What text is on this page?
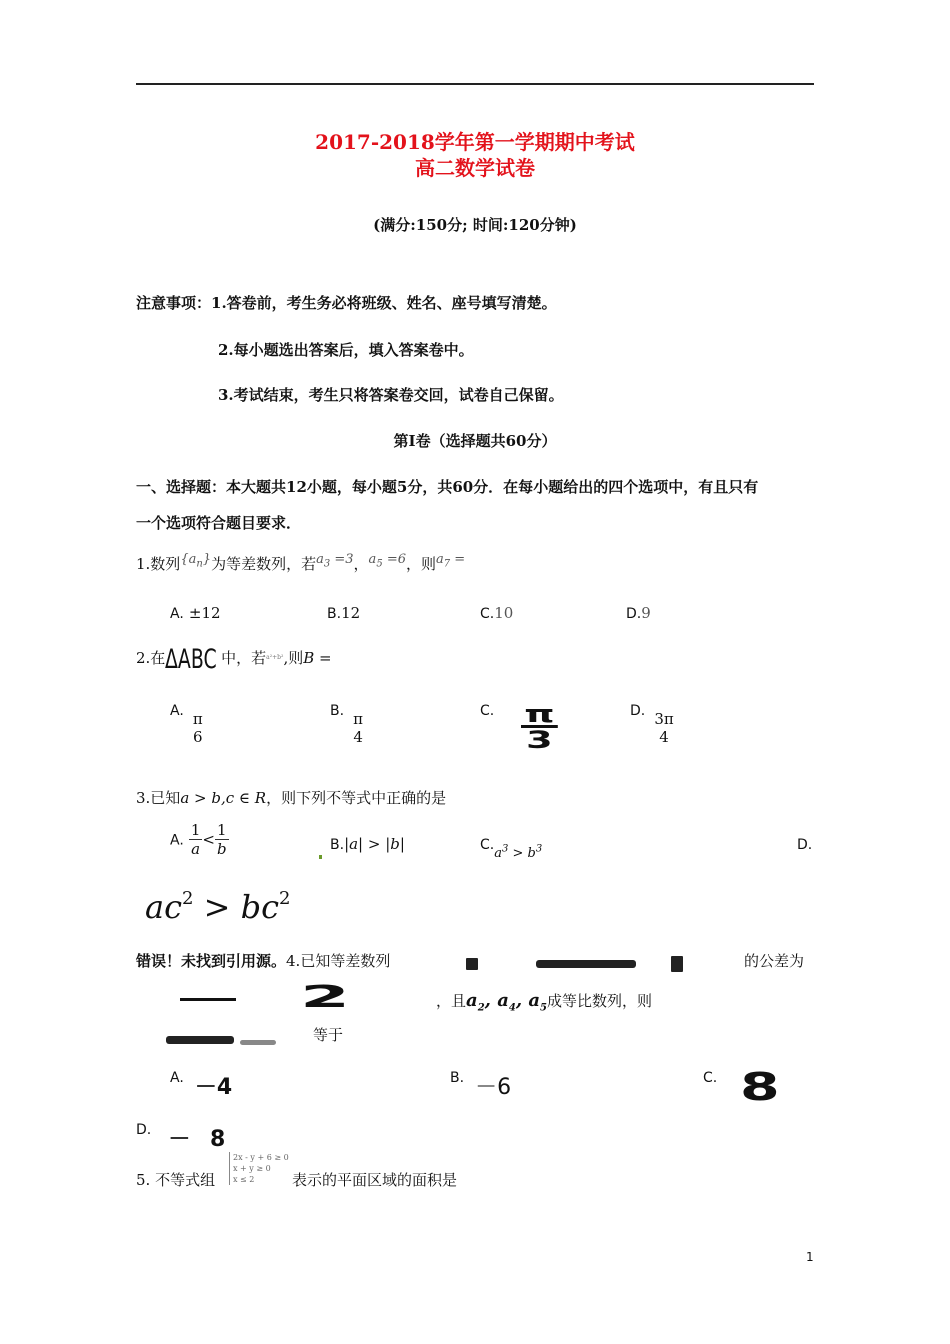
2017-2018学年第一学期期中考试
高二数学试卷
(满分:150分; 时间:120分钟)
注意事项：1.答卷前，考生务必将班级、姓名、座号填写清楚。
2.每小题选出答案后，填入答案卷中。
3.考试结束，考生只将答案卷交回，试卷自己保留。
第Ⅰ卷（选择题共60分）
一、选择题：本大题共12小题，每小题5分，共60分．在每小题给出的四个选项中，有且只有
一个选项符合题目要求．
1.数列$\{a_n\}$为等差数列，若$a_3 =3$，$a_5 =6$，则$a_7$ =
A. ±12	B.12	C.10	D.9
2.在ΔABC 中，若$^{a^2+b^2}$,则B =
A. π
6
B. π
4
C. $\frac{\pi}{3}$	D. 3π
4
3.已知a > b,c ∈ R，则下列不等式中正确的是
A. $\frac{1}{a} < \frac{1}{b}$	B.|a| > |b|	$C._{a^3 > b^3}$	D.
$ac^2 > bc^2$
错误！未找到引用源。4.已知等差数列	的公差为
2	，且$a_2$, $a_4$, $a_5$成等比数列，则
等于
A. －4	B. －6	C. 8
D. － 8
5. 不等式组
2x - y + 6 ≥ 0
x + y ≥ 0
x ≤ 2	表示的平面区域的面积是
1
